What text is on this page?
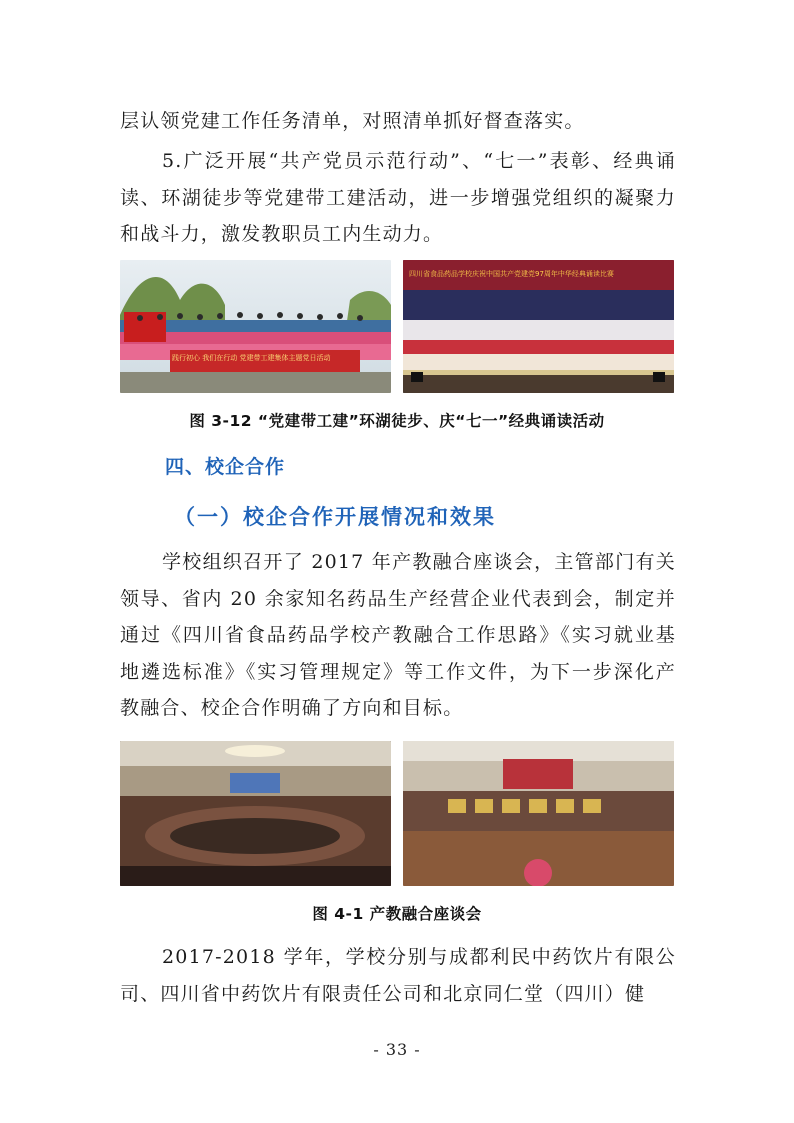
层认领党建工作任务清单，对照清单抓好督查落实。
5.广泛开展“共产党员示范行动”、“七一”表彰、经典诵读、环湖徒步等党建带工建活动，进一步增强党组织的凝聚力和战斗力，激发教职员工内生动力。
践行初心 我们在行动 党建带工建集体主题党日活动
四川省食品药品学校庆祝中国共产党建党97周年中华经典诵读比赛
图 3-12 “党建带工建”环湖徒步、庆“七一”经典诵读活动
四、校企合作
（一）校企合作开展情况和效果
学校组织召开了 2017 年产教融合座谈会，主管部门有关领导、省内 20 余家知名药品生产经营企业代表到会，制定并通过《四川省食品药品学校产教融合工作思路》《实习就业基地遴选标准》《实习管理规定》等工作文件，为下一步深化产教融合、校企合作明确了方向和目标。
图 4-1 产教融合座谈会
2017-2018 学年，学校分别与成都利民中药饮片有限公司、四川省中药饮片有限责任公司和北京同仁堂（四川）健
- 33 -
